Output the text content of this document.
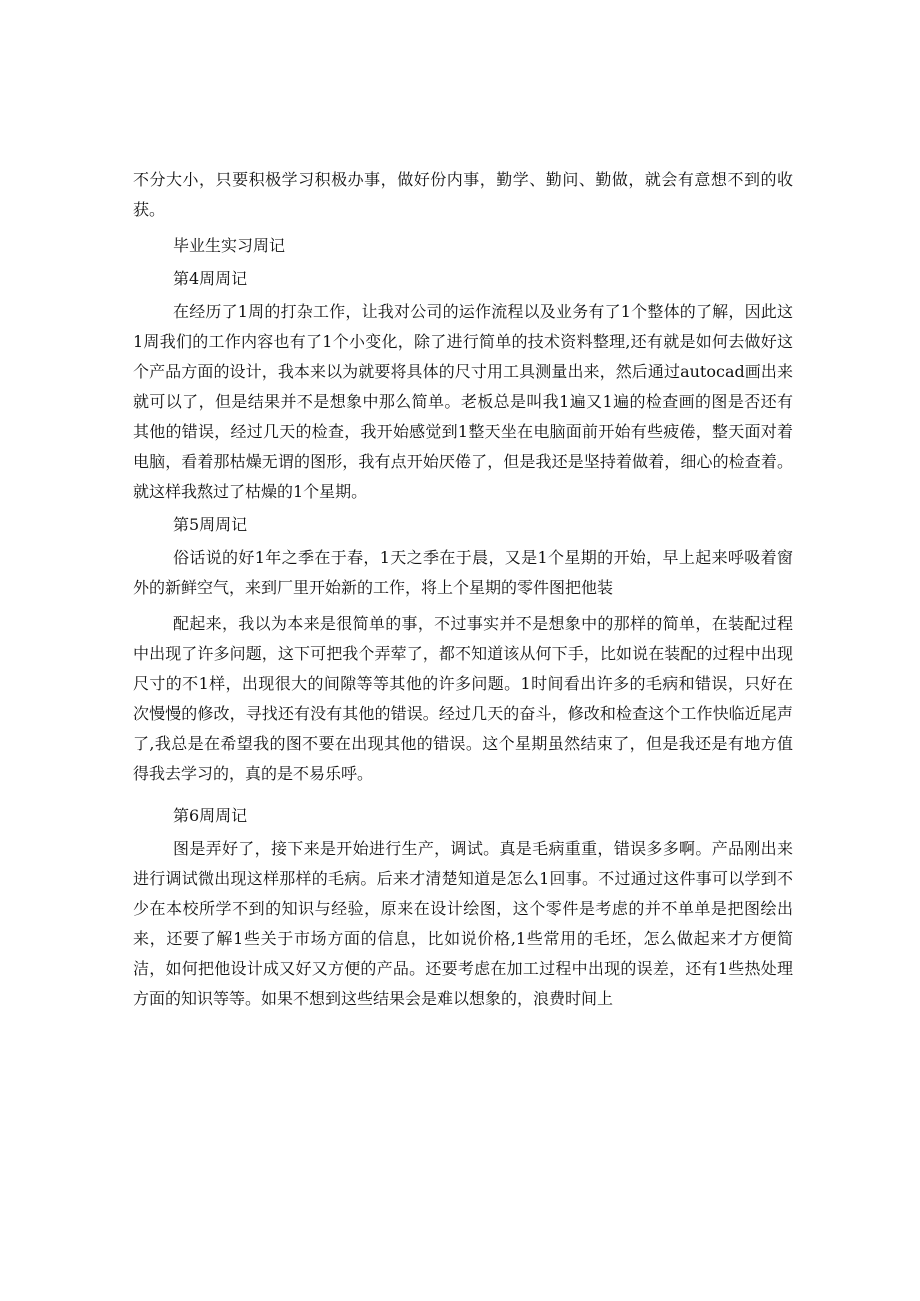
不分大小，只要积极学习积极办事，做好份内事，勤学、勤问、勤做，就会有意想不到的收获。

毕业生实习周记

第4周周记

在经历了1周的打杂工作，让我对公司的运作流程以及业务有了1个整体的了解，因此这1周我们的工作内容也有了1个小变化，除了进行简单的技术资料整理,还有就是如何去做好这个产品方面的设计，我本来以为就要将具体的尺寸用工具测量出来，然后通过autocad画出来就可以了，但是结果并不是想象中那么简单。老板总是叫我1遍又1遍的检查画的图是否还有其他的错误，经过几天的检查，我开始感觉到1整天坐在电脑面前开始有些疲倦，整天面对着电脑，看着那枯燥无谓的图形，我有点开始厌倦了，但是我还是坚持着做着，细心的检查着。就这样我熬过了枯燥的1个星期。

第5周周记

俗话说的好1年之季在于春，1天之季在于晨，又是1个星期的开始，早上起来呼吸着窗外的新鲜空气，来到厂里开始新的工作，将上个星期的零件图把他装

配起来，我以为本来是很简单的事，不过事实并不是想象中的那样的简单，在装配过程中出现了许多问题，这下可把我个弄荤了，都不知道该从何下手，比如说在装配的过程中出现尺寸的不1样，出现很大的间隙等等其他的许多问题。1时间看出许多的毛病和错误，只好在次慢慢的修改，寻找还有没有其他的错误。经过几天的奋斗，修改和检查这个工作快临近尾声了,我总是在希望我的图不要在出现其他的错误。这个星期虽然结束了，但是我还是有地方值得我去学习的，真的是不易乐呼。

第6周周记

图是弄好了，接下来是开始进行生产，调试。真是毛病重重，错误多多啊。产品刚出来进行调试微出现这样那样的毛病。后来才清楚知道是怎么1回事。不过通过这件事可以学到不少在本校所学不到的知识与经验，原来在设计绘图，这个零件是考虑的并不单单是把图绘出来，还要了解1些关于市场方面的信息，比如说价格,1些常用的毛坯，怎么做起来才方便简洁，如何把他设计成又好又方便的产品。还要考虑在加工过程中出现的误差，还有1些热处理方面的知识等等。如果不想到这些结果会是难以想象的，浪费时间上
